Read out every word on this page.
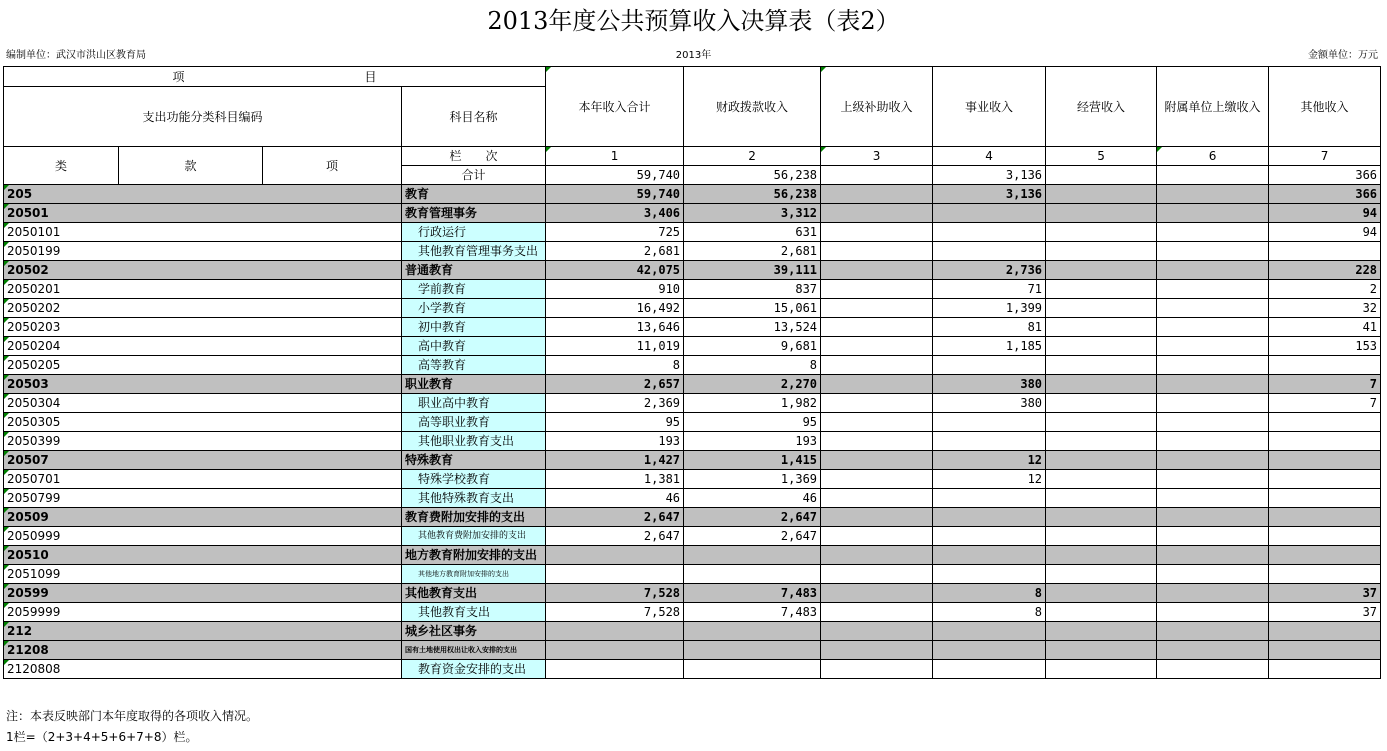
2013年度公共预算收入决算表（表2）
编制单位：武汉市洪山区教育局	2013年	金额单位：万元
项 目				本年收入合计	财政拨款收入	上级补助收入	事业收入	经营收入	附属单位上缴收入	其他收入
支出功能分类科目编码			科目名称							
类	款	项	栏　　次	1	2	3	4	5	6	7
			合计	59,740	56,238		3,136			366
205			教育	59,740	56,238		3,136			366
20501			教育管理事务	3,406	3,312					94
2050101			行政运行	725	631					94
2050199			其他教育管理事务支出	2,681	2,681					
20502			普通教育	42,075	39,111		2,736			228
2050201			学前教育	910	837		71			2
2050202			小学教育	16,492	15,061		1,399			32
2050203			初中教育	13,646	13,524		81			41
2050204			高中教育	11,019	9,681		1,185			153
2050205			高等教育	8	8					
20503			职业教育	2,657	2,270		380			7
2050304			职业高中教育	2,369	1,982		380			7
2050305			高等职业教育	95	95					
2050399			其他职业教育支出	193	193					
20507			特殊教育	1,427	1,415		12			
2050701			特殊学校教育	1,381	1,369		12			
2050799			其他特殊教育支出	46	46					
20509			教育费附加安排的支出	2,647	2,647					
2050999			其他教育费附加安排的支出	2,647	2,647					
20510			地方教育附加安排的支出							
2051099			其他地方教育附加安排的支出							
20599			其他教育支出	7,528	7,483		8			37
2059999			其他教育支出	7,528	7,483		8			37
212			城乡社区事务							
21208			国有土地使用权出让收入安排的支出							
2120808			教育资金安排的支出							
注：本表反映部门本年度取得的各项收入情况。
1栏=（2+3+4+5+6+7+8）栏。
